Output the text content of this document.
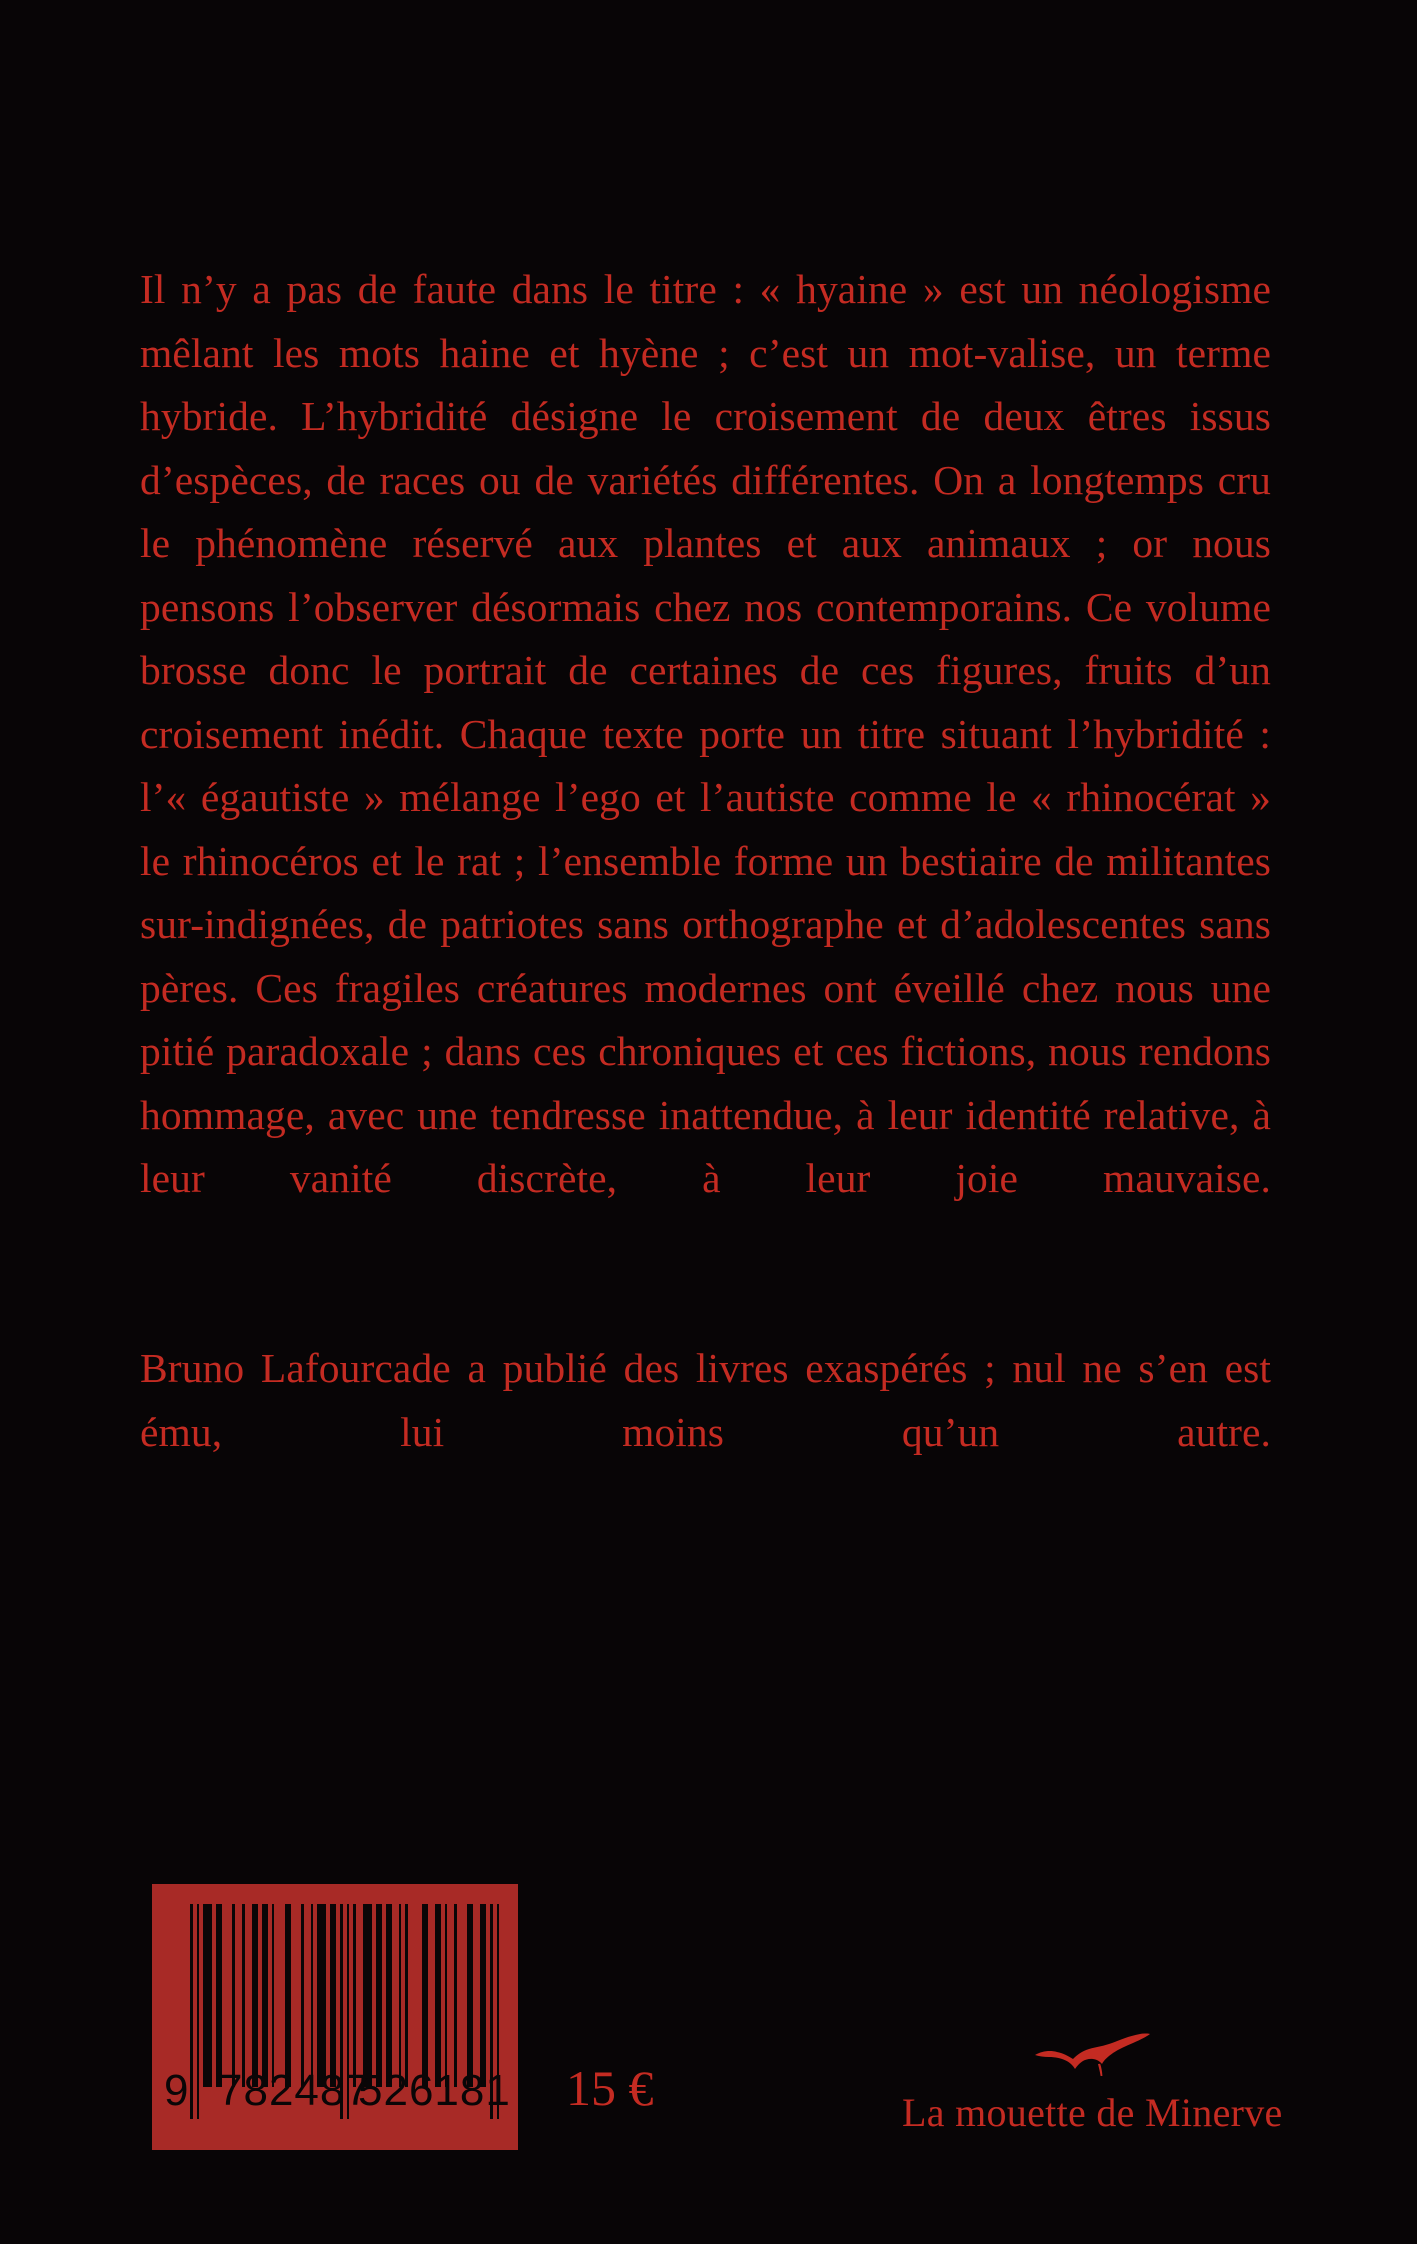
Il n’y a pas de faute dans le titre : « hyaine » est un néologisme mêlant les mots haine et hyène ; c’est un mot-valise, un terme hybride. L’hybridité désigne le croisement de deux êtres issus d’espèces, de races ou de variétés différentes. On a longtemps cru le phénomène réservé aux plantes et aux animaux ; or nous pensons l’observer désormais chez nos contemporains. Ce volume brosse donc le portrait de certaines de ces figures, fruits d’un croisement inédit. Chaque texte porte un titre situant l’hybridité : l’« égautiste » mélange l’ego et l’autiste comme le « rhinocérat » le rhinocéros et le rat ; l’ensemble forme un bestiaire de militantes sur-indignées, de patriotes sans orthographe et d’adolescentes sans pères. Ces fragiles créatures modernes ont éveillé chez nous une pitié paradoxale ; dans ces chroniques et ces fictions, nous rendons hommage, avec une tendresse inattendue, à leur identité relative, à leur vanité discrète, à leur joie mauvaise.

Bruno Lafourcade a publié des livres exaspérés ; nul ne s’en est ému, lui moins qu’un autre.

9 782487
526181 15 €	La mouette de Minerve
